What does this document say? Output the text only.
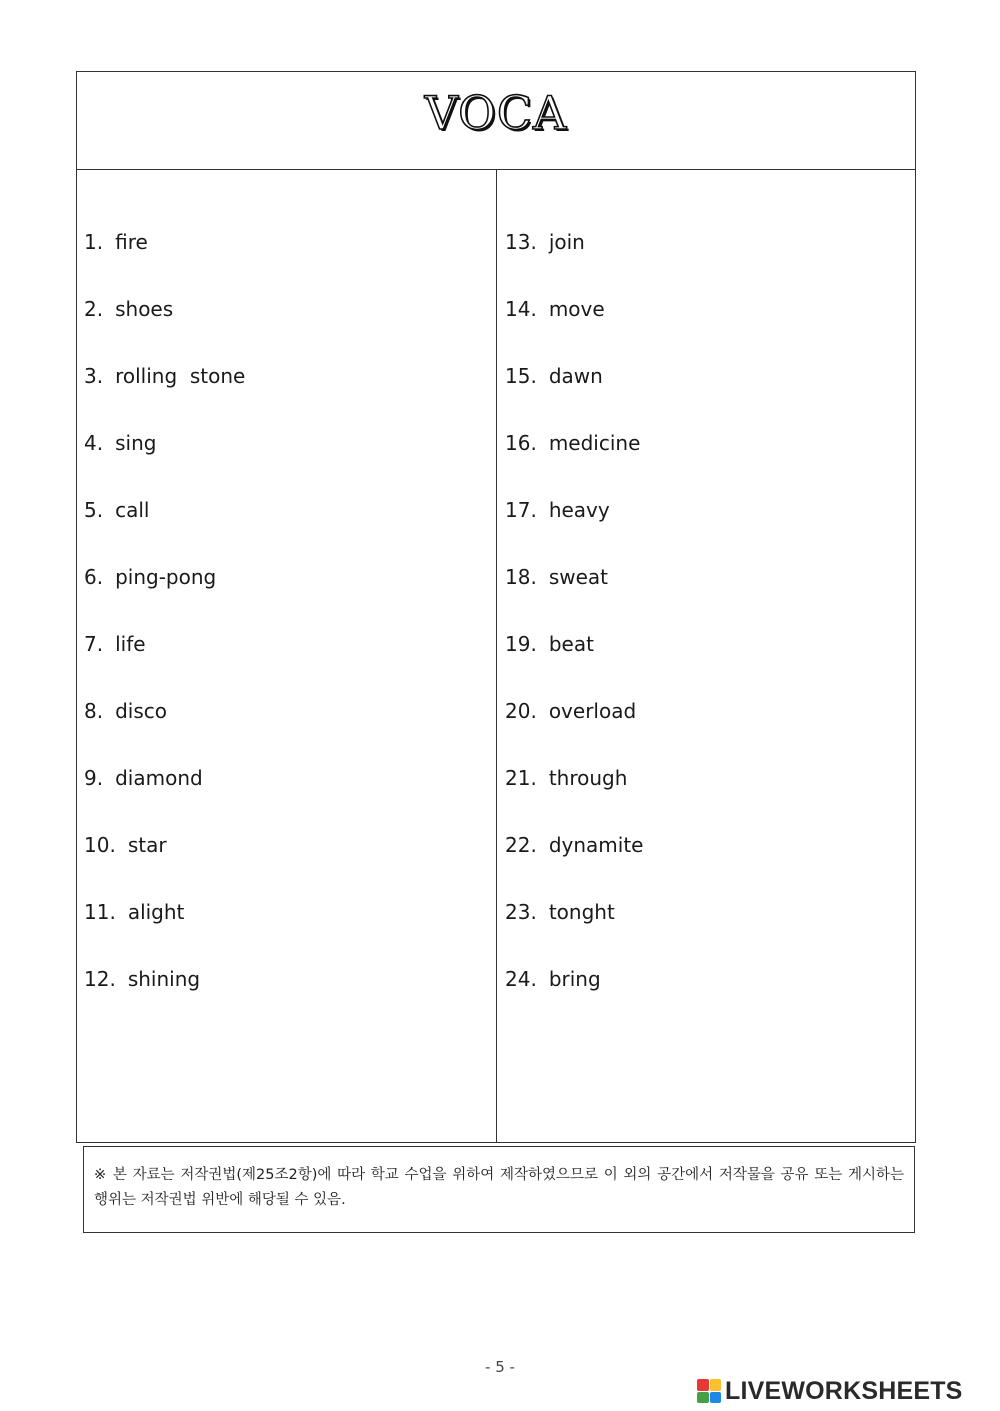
VOCA
1. fire
2. shoes
3. rolling  stone
4. sing
5. call
6. ping-pong
7. life
8. disco
9. diamond
10. star
11. alight
12. shining
13. join
14. move
15. dawn
16. medicine
17. heavy
18. sweat
19. beat
20. overload
21. through
22. dynamite
23. tonght
24. bring
※ 본 자료는 저작권법(제25조2항)에 따라 학교 수업을 위하여 제작하였으므로 이 외의 공간에서 저작물을 공유 또는 게시하는 행위는 저작권법 위반에 해당될 수 있음.
- 5 -
LIVEWORKSHEETS
